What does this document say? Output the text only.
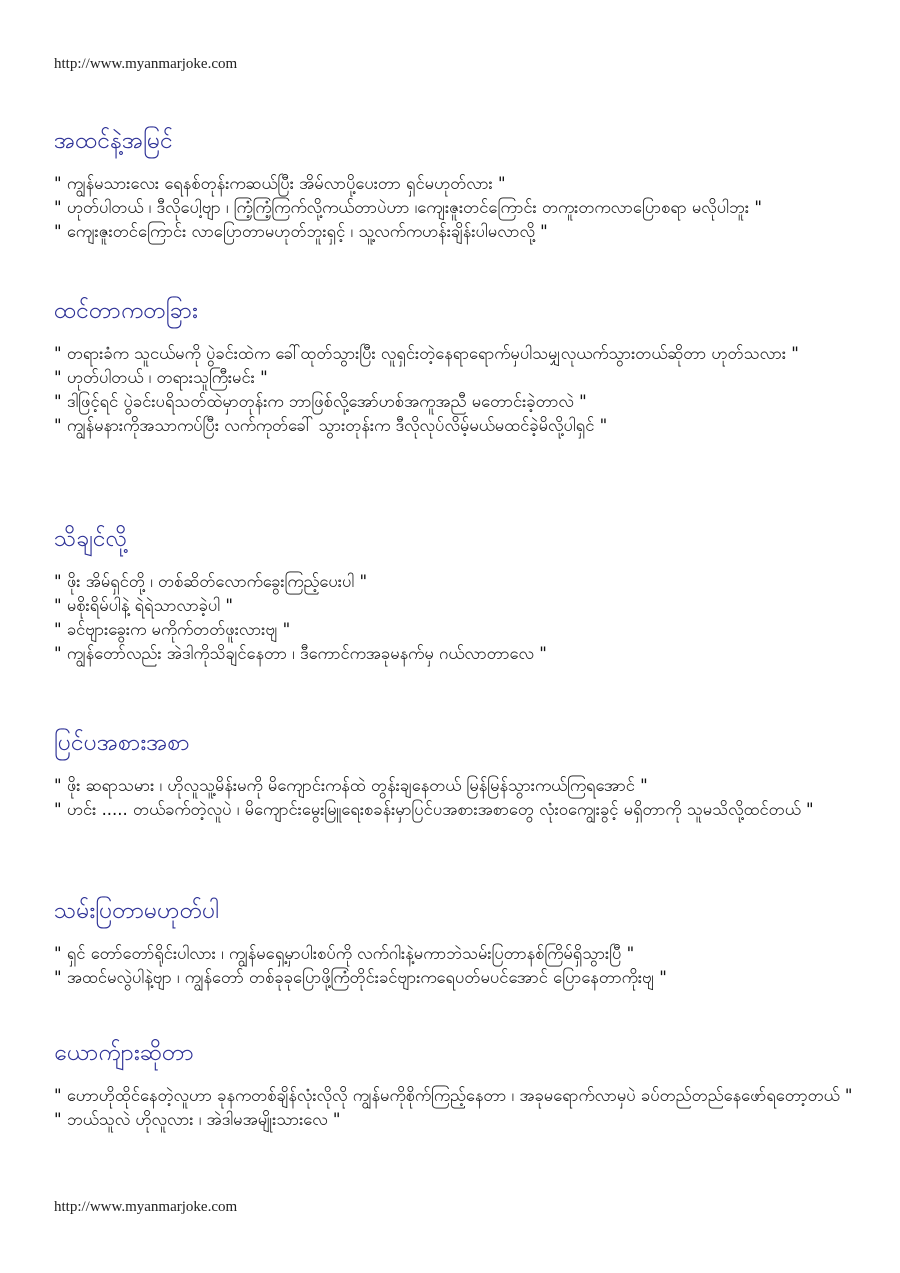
http://www.myanmarjoke.com
အထင်နဲ့အမြင်

" ကျွန်မသားလေး ရေနစ်တုန်းကဆယ်ပြီး အိမ်လာပို့ပေးတာ ရှင်မဟုတ်လား "

" ဟုတ်ပါတယ် ၊ ဒီလိုပေါ့ဗျာ ၊ ကြံ့ကြံ့ကြက်လို့ကယ်တာပဲဟာ ၊ကျေးဇူးတင်ကြောင်း တကူးတကလာပြောစရာ မလိုပါဘူး "

" ကျေးဇူးတင်ကြောင်း လာပြောတာမဟုတ်ဘူးရှင့် ၊ သူ့လက်ကဟန်းချိန်းပါမလာလို့ "

ထင်တာကတခြား

" တရားခံက သူငယ်မကို ပွဲခင်းထဲက ခေါ်ထုတ်သွားပြီး လူရှင်းတဲ့နေရာရောက်မှပါသမျှလုယက်သွားတယ်ဆိုတာ ဟုတ်သလား "

" ဟုတ်ပါတယ် ၊ တရားသူကြီးမင်း "

" ဒါဖြင့်ရင် ပွဲခင်းပရိသတ်ထဲမှာတုန်းက ဘာဖြစ်လို့အော်ဟစ်အကူအညီ မတောင်းခဲ့တာလဲ "

" ကျွန်မနားကိုအသာကပ်ပြီး လက်ကုတ်ခေါ် သွားတုန်းက ဒီလိုလုပ်လိမ့်မယ်မထင်ခဲ့မိလို့ပါရှင် "

သိချင်လို့

" ဖိုး အိမ်ရှင်တို့ ၊ တစ်ဆိတ်လောက်ခွေးကြည့်ပေးပါ "

" မစိုးရိမ်ပါနဲ့ ရဲရဲသာလာခဲ့ပါ "

" ခင်ဗျားခွေးက မကိုက်တတ်ဖူးလားဗျ "

" ကျွန်တော်လည်း အဲဒါကိုသိချင်နေတာ ၊ ဒီကောင်ကအခုမနက်မှ ဂယ်လာတာလေ "

ပြင်ပအစားအစာ

" ဖိုး ဆရာသမား ၊ ဟိုလူသူ့မိန်းမကို မိကျောင်းကန်ထဲ တွန်းချနေတယ် မြန်မြန်သွားကယ်ကြရအောင် "

" ဟင်း ..... တယ်ခက်တဲ့လူပဲ ၊ မိကျောင်းမွေးမြူရေးစခန်းမှာပြင်ပအစားအစာတွေ လုံးဝကျွေးခွင့် မရှိတာကို သူမသိလို့ထင်တယ် "

သမ်းပြတာမဟုတ်ပါ

" ရှင် တော်တော်ရိုင်းပါလား ၊ ကျွန်မရှေ့မှာပါးစပ်ကို လက်ဂါးနဲ့မကာဘဲသမ်းပြတာနစ်ကြိမ်ရှိသွားပြီ "

" အထင်မလွဲပါနဲ့ဗျာ ၊ ကျွန်တော် တစ်ခုခုပြောဖို့ကြံတိုင်းခင်ဗျားကရေပတ်မပင်အောင် ပြောနေတာကိုးဗျ "

ယောက်ျားဆိုတာ

" ဟောဟိုထိုင်နေတဲ့လူဟာ ခုနကတစ်ချိန်လုံးလိုလို ကျွန်မကိုစိုက်ကြည့်နေတာ ၊ အခုမရောက်လာမှပဲ ခပ်တည်တည်နေဖော်ရတော့တယ် "

" ဘယ်သူလဲ ဟိုလူလား ၊ အဲဒါမအမျိုးသားလေ "

http://www.myanmarjoke.com
